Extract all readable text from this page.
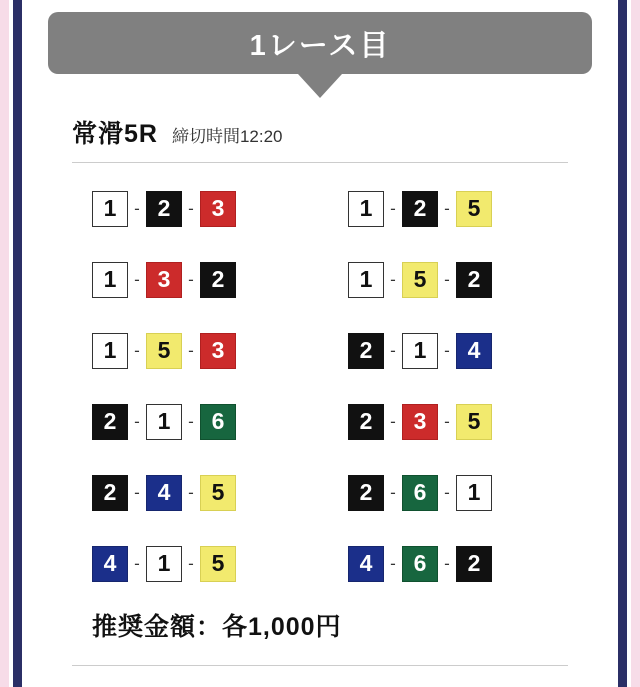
1レース目
常滑5R 締切時間12:20
1	- 2	- 3	1	- 2	- 5
1	- 3	- 2	1	- 5	- 2
1	- 5	- 3	2	- 1	- 4
2	- 1	- 6	2	- 3	- 5
2	- 4	- 5	2	- 6	- 1
4	- 1	- 5	4	- 6	- 2
推奨金額：各1,000円
